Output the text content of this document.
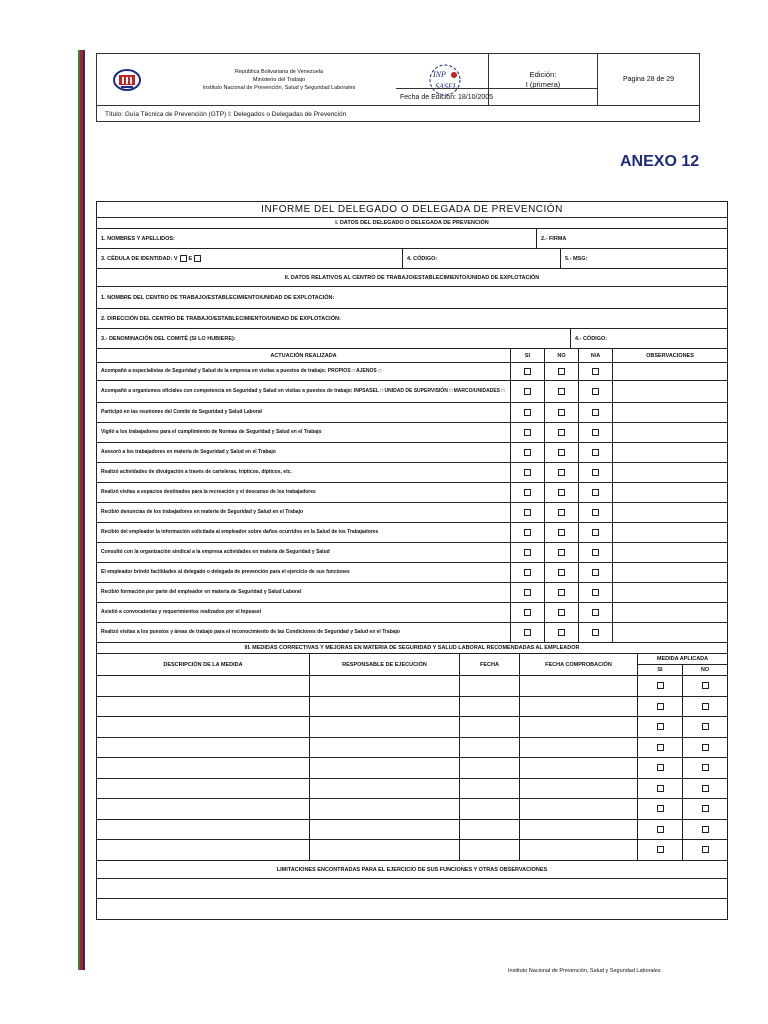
República Bolivariana de Venezuela
Ministerio del Trabajo
Instituto Nacional de Prevención, Salud y Seguridad Laborales
INP
SASEL
Edición:
I (primera)	Pagina 28 de 29
Título: Guía Técnica de Prevención (GTP) I: Delegados o Delegadas de Prevención
Fecha de Edición: 18/10/2005
ANEXO 12
INFORME DEL DELEGADO O DELEGADA DE PREVENCIÓN
I. DATOS DEL DELEGADO O DELEGADA DE PREVENCIÓN
1. NOMBRES Y APELLIDOS:	2.- FIRMA
3. CÉDULA DE IDENTIDAD: V E	4. CÓDIGO:	5.- MSG:
II. DATOS RELATIVOS AL CENTRO DE TRABAJO/ESTABLECIMIENTO/UNIDAD DE EXPLOTACIÓN
1. NOMBRE DEL CENTRO DE TRABAJO/ESTABLECIMIENTO/UNIDAD DE EXPLOTACIÓN:
2. DIRECCIÓN DEL CENTRO DE TRABAJO/ESTABLECIMIENTO/UNIDAD DE EXPLOTACIÓN:
3.- DENOMINACIÓN DEL COMITÉ (SI LO HUBIERE):	4.- CÓDIGO:
ACTUACIÓN REALIZADA	SI	NO	N/A	OBSERVACIONES
Acompañó a especialistas de Seguridad y Salud de la empresa en visitas a puestos de trabajo: PROPIOS □ AJENOS □
Acompañó a organismos oficiales con competencia en Seguridad y Salud en visitas a puestos de trabajo: INPSASEL □ UNIDAD DE SUPERVISIÓN □ MARCO/UNIDADES □
Participó en las reuniones del Comité de Seguridad y Salud Laboral
Vigiló a los trabajadores para el cumplimiento de Normas de Seguridad y Salud en el Trabajo
Asesoró a los trabajadores en materia de Seguridad y Salud en el Trabajo
Realizó actividades de divulgación a través de carteleras, trípticos, dípticos, etc.
Realizó visitas a espacios destinados para la recreación y el descanso de los trabajadores
Recibió denuncias de los trabajadores en materia de Seguridad y Salud en el Trabajo
Recibió del empleador la información solicitada al empleador sobre daños ocurridos en la Salud de los Trabajadores
Consultó con la organización sindical a la empresa actividades en materia de Seguridad y Salud
El empleador brindó facilidades al delegado o delegada de prevención para el ejercicio de sus funciones
Recibió formación por parte del empleador en materia de Seguridad y Salud Laboral
Asistió a convocatorias y requerimientos realizados por el Inpsasel
Realizó visitas a los puestos y áreas de trabajo para el reconocimiento de las Condiciones de Seguridad y Salud en el Trabajo
III. MEDIDAS CORRECTIVAS Y MEJORAS EN MATERIA DE SEGURIDAD Y SALUD LABORAL RECOMENDADAS AL EMPLEADOR
DESCRIPCIÓN DE LA MEDIDA	RESPONSABLE DE EJECUCIÓN	FECHA	FECHA COMPROBACIÓN
MEDIDA APLICADA
SI	NO
LIMITACIONES ENCONTRADAS PARA EL EJERCICIO DE SUS FUNCIONES Y OTRAS OBSERVACIONES
Instituto Nacional de Prevención, Salud y Seguridad Laborales
